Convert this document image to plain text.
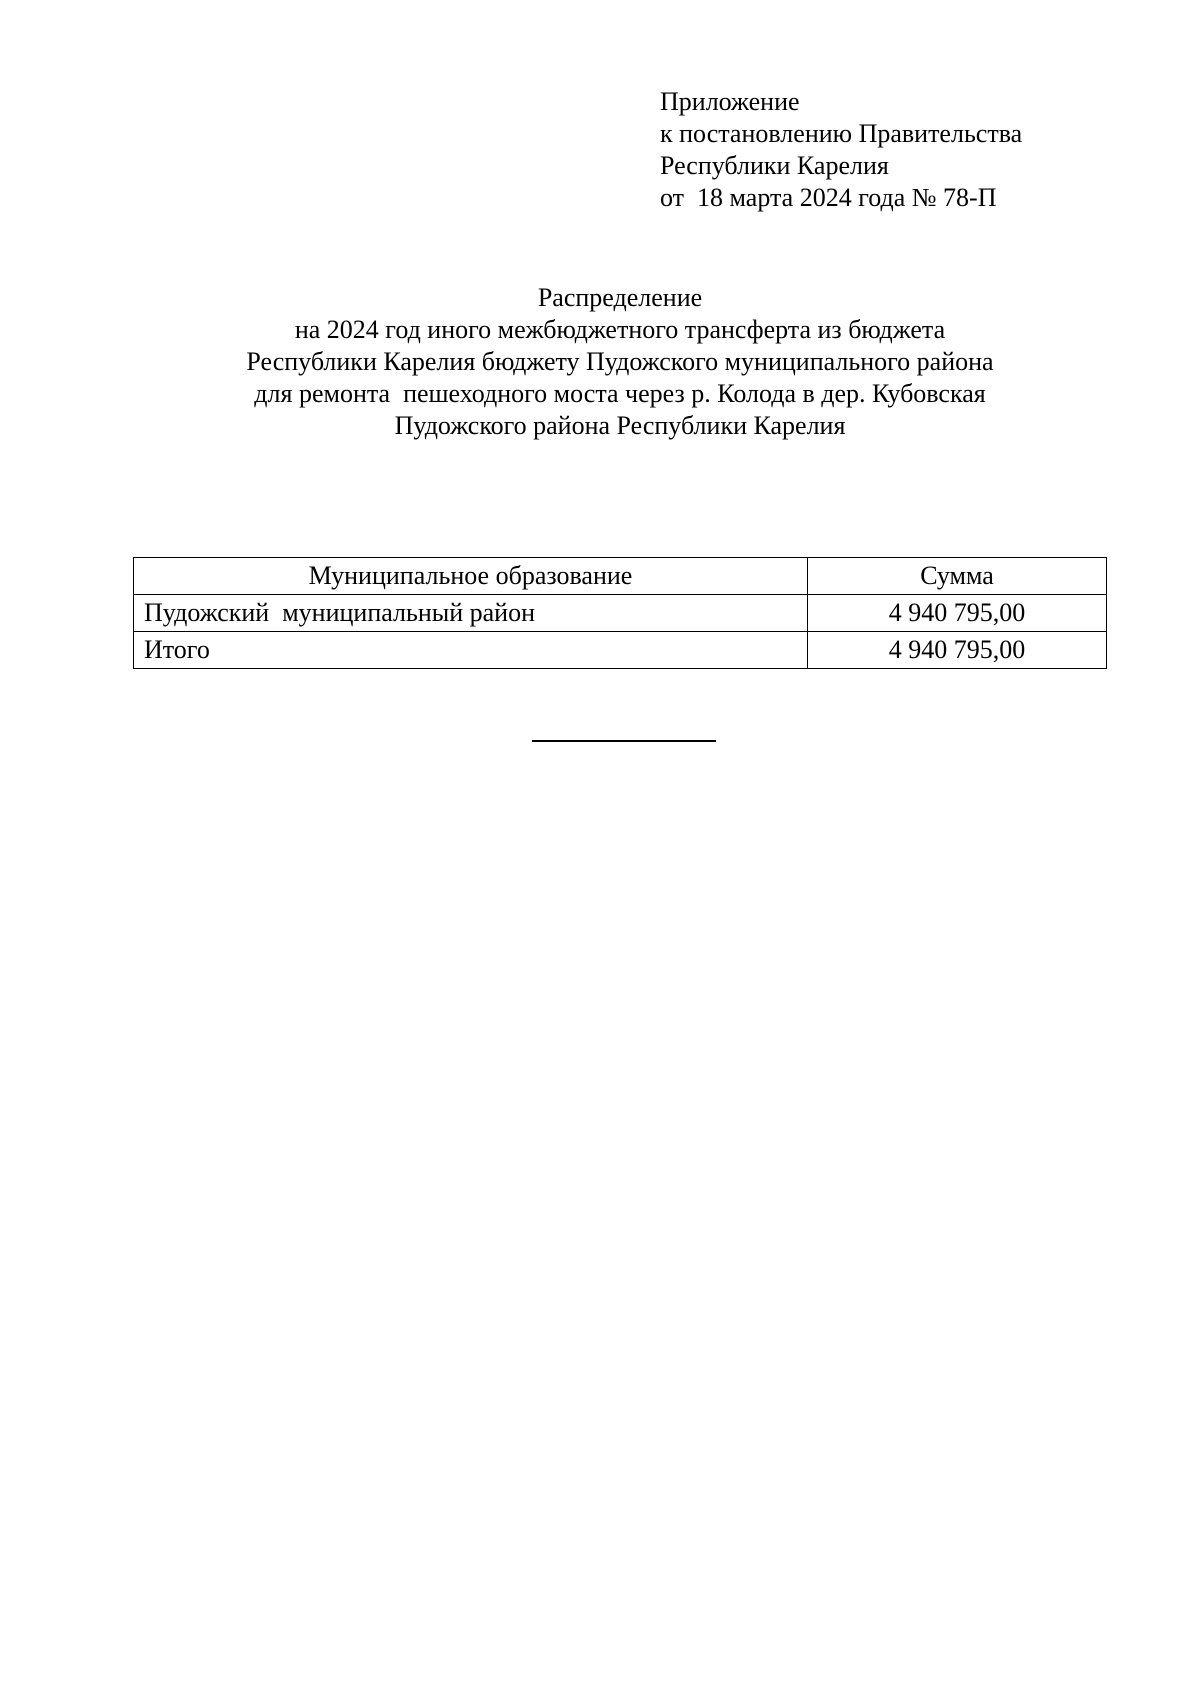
Приложение
к постановлению Правительства
Республики Карелия
от  18 марта 2024 года № 78-П
Распределение
на 2024 год иного межбюджетного трансферта из бюджета
Республики Карелия бюджету Пудожского муниципального района
для ремонта  пешеходного моста через р. Колода в дер. Кубовская
Пудожского района Республики Карелия
Муниципальное образование	Сумма
Пудожский  муниципальный район	4 940 795,00
Итого	4 940 795,00
